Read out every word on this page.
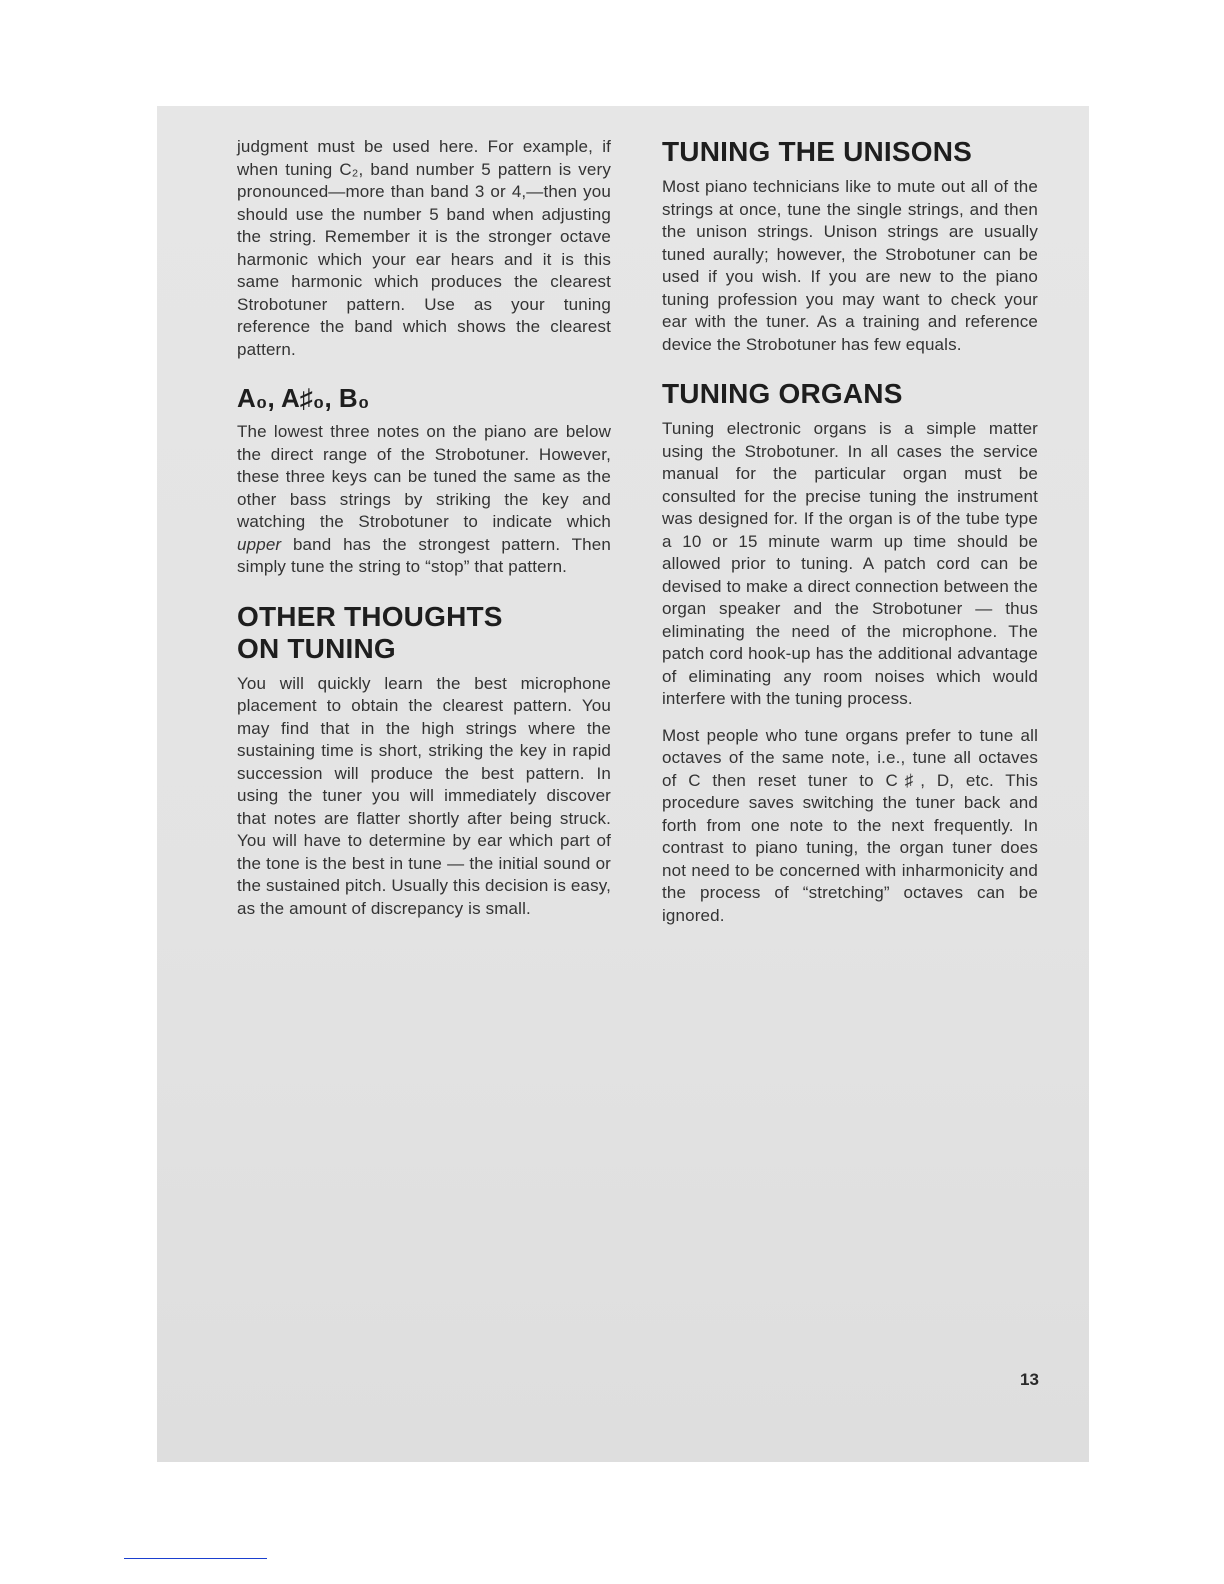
judgment must be used here. For example, if when tuning C₂, band number 5 pattern is very pronounced—more than band 3 or 4,—then you should use the number 5 band when adjusting the string. Remember it is the stronger octave harmonic which your ear hears and it is this same harmonic which produces the clearest Strobotuner pattern. Use as your tuning reference the band which shows the clearest pattern.

A₀, A♯₀, B₀

The lowest three notes on the piano are below the direct range of the Strobotuner. However, these three keys can be tuned the same as the other bass strings by striking the key and watching the Strobotuner to indicate which upper band has the strongest pattern. Then simply tune the string to “stop” that pattern.

OTHER THOUGHTS
ON TUNING

You will quickly learn the best microphone placement to obtain the clearest pattern. You may find that in the high strings where the sustaining time is short, striking the key in rapid succession will produce the best pattern. In using the tuner you will immediately discover that notes are flatter shortly after being struck. You will have to determine by ear which part of the tone is the best in tune — the initial sound or the sustained pitch. Usually this decision is easy, as the amount of discrepancy is small.

TUNING THE UNISONS

Most piano technicians like to mute out all of the strings at once, tune the single strings, and then the unison strings. Unison strings are usually tuned aurally; however, the Strobotuner can be used if you wish. If you are new to the piano tuning profession you may want to check your ear with the tuner. As a training and reference device the Strobotuner has few equals.

TUNING ORGANS

Tuning electronic organs is a simple matter using the Strobotuner. In all cases the service manual for the particular organ must be consulted for the precise tuning the instrument was designed for. If the organ is of the tube type a 10 or 15 minute warm up time should be allowed prior to tuning. A patch cord can be devised to make a direct connection between the organ speaker and the Strobotuner — thus eliminating the need of the microphone. The patch cord hook-up has the additional advantage of eliminating any room noises which would interfere with the tuning process.

Most people who tune organs prefer to tune all octaves of the same note, i.e., tune all octaves of C then reset tuner to C♯, D, etc. This procedure saves switching the tuner back and forth from one note to the next frequently. In contrast to piano tuning, the organ tuner does not need to be concerned with inharmonicity and the process of “stretching” octaves can be ignored.

13
